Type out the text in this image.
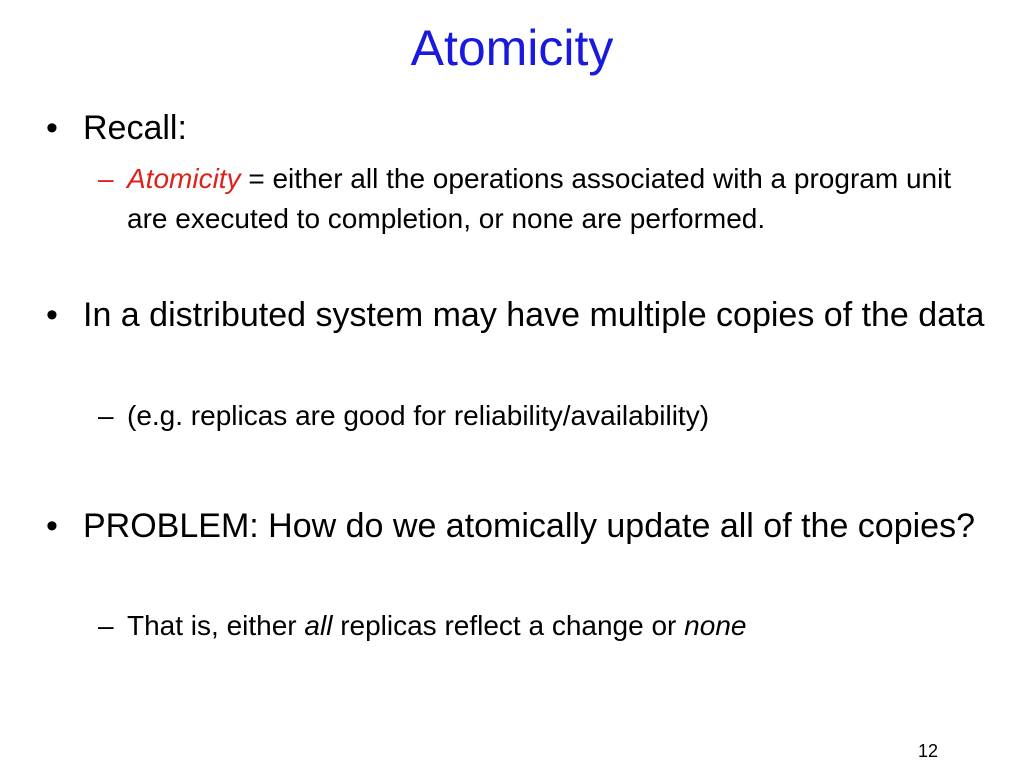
Atomicity
• Recall:
– Atomicity = either all the operations associated with a program unit are executed to completion, or none are performed.
• In a distributed system may have multiple copies of the data
– (e.g. replicas are good for reliability/availability)
• PROBLEM: How do we atomically update all of the copies?
– That is, either all replicas reflect a change or none
12
